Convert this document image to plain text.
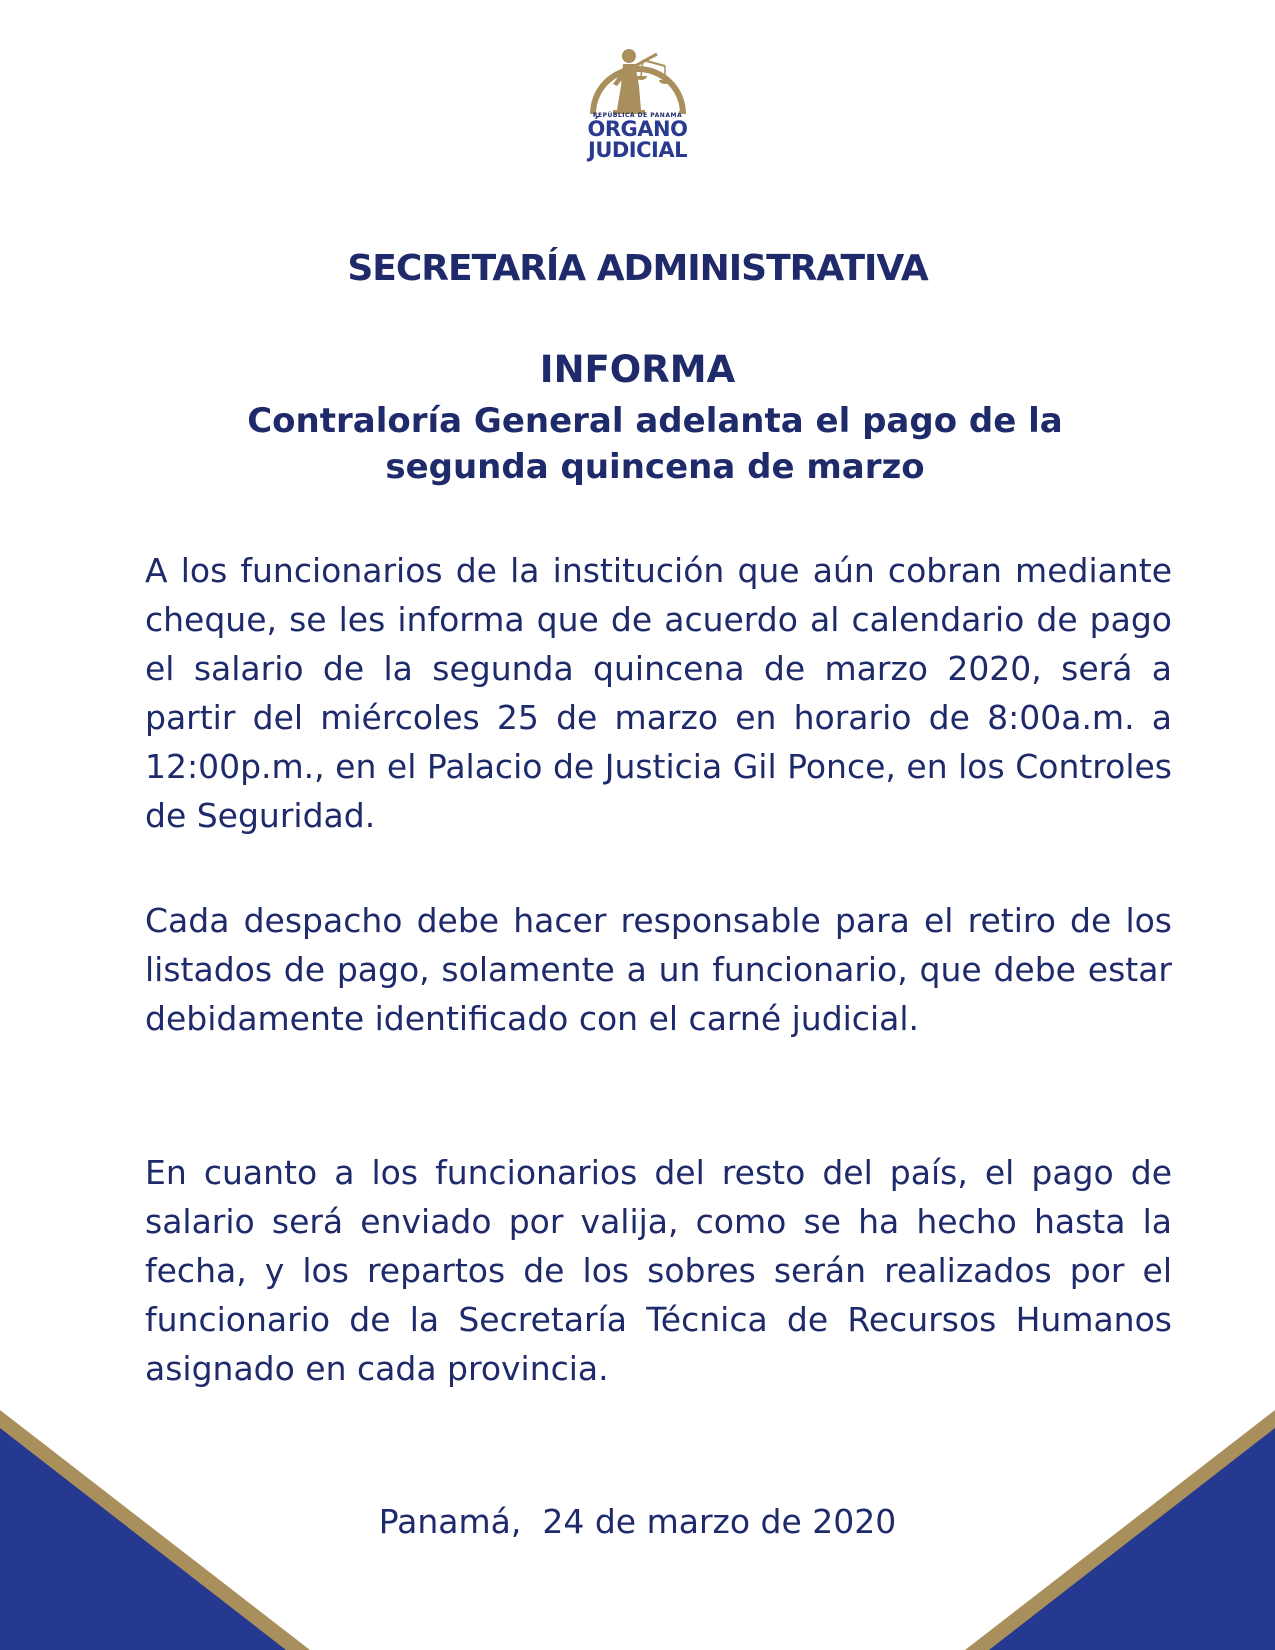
REPÚBLICA DE PANAMÁ
ÓRGANO
JUDICIAL
SECRETARÍA ADMINISTRATIVA
INFORMA
Contraloría General adelanta el pago de la segunda quincena de marzo

A los funcionarios de la institución que aún cobran mediante cheque, se les informa que de acuerdo al calendario de pago el salario de la segunda quincena de marzo 2020, será a partir del miércoles 25 de marzo en horario de 8:00a.m. a 12:00p.m., en el Palacio de Justicia Gil Ponce, en los Controles de Seguridad.

Cada despacho debe hacer responsable para el retiro de los listados de pago, solamente a un funcionario, que debe estar debidamente identificado con el carné judicial.

En cuanto a los funcionarios del resto del país, el pago de salario será enviado por valija, como se ha hecho hasta la fecha, y los repartos de los sobres serán realizados por el funcionario de la Secretaría Técnica de Recursos Humanos asignado en cada provincia.

Panamá,  24 de marzo de 2020
